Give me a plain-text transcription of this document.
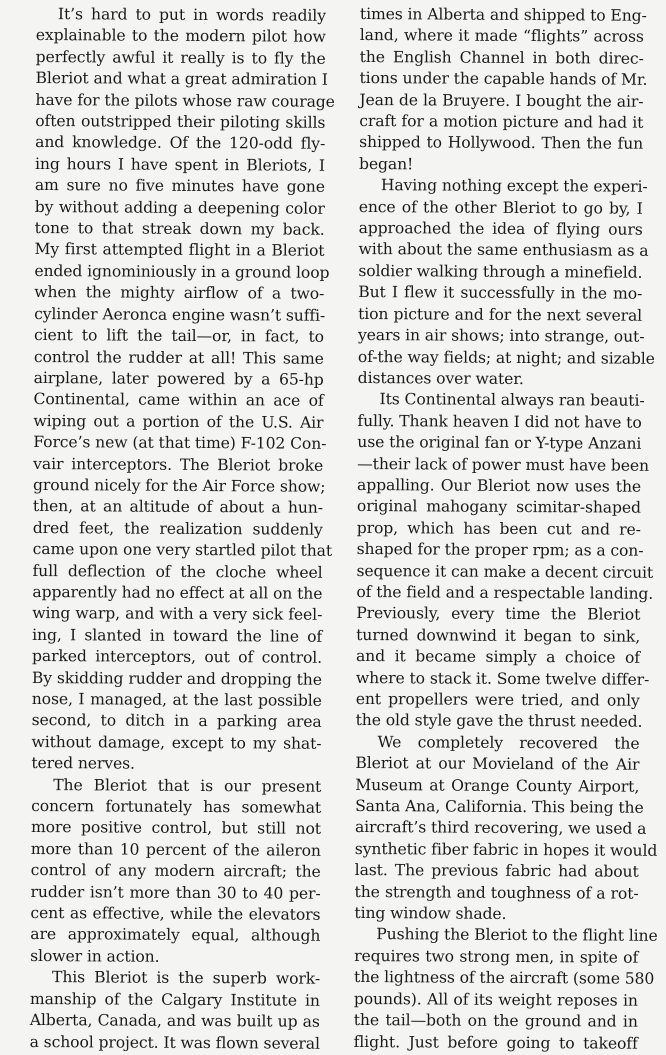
It’s hard to put in words readily
explainable to the modern pilot how
perfectly awful it really is to fly the
Bleriot and what a great admiration I
have for the pilots whose raw courage
often outstripped their piloting skills
and knowledge. Of the 120-odd fly-
ing hours I have spent in Bleriots, I
am sure no five minutes have gone
by without adding a deepening color
tone to that streak down my back.
My first attempted flight in a Bleriot
ended ignominiously in a ground loop
when the mighty airflow of a two-
cylinder Aeronca engine wasn’t suffi-
cient to lift the tail—or, in fact, to
control the rudder at all! This same
airplane, later powered by a 65-hp
Continental, came within an ace of
wiping out a portion of the U.S. Air
Force’s new (at that time) F-102 Con-
vair interceptors. The Bleriot broke
ground nicely for the Air Force show;
then, at an altitude of about a hun-
dred feet, the realization suddenly
came upon one very startled pilot that
full deflection of the cloche wheel
apparently had no effect at all on the
wing warp, and with a very sick feel-
ing, I slanted in toward the line of
parked interceptors, out of control.
By skidding rudder and dropping the
nose, I managed, at the last possible
second, to ditch in a parking area
without damage, except to my shat-
tered nerves.
The Bleriot that is our present
concern fortunately has somewhat
more positive control, but still not
more than 10 percent of the aileron
control of any modern aircraft; the
rudder isn’t more than 30 to 40 per-
cent as effective, while the elevators
are approximately equal, although
slower in action.
This Bleriot is the superb work-
manship of the Calgary Institute in
Alberta, Canada, and was built up as
a school project. It was flown several
times in Alberta and shipped to Eng-
land, where it made “flights” across
the English Channel in both direc-
tions under the capable hands of Mr.
Jean de la Bruyere. I bought the air-
craft for a motion picture and had it
shipped to Hollywood. Then the fun
began!
Having nothing except the experi-
ence of the other Bleriot to go by, I
approached the idea of flying ours
with about the same enthusiasm as a
soldier walking through a minefield.
But I flew it successfully in the mo-
tion picture and for the next several
years in air shows; into strange, out-
of-the way fields; at night; and sizable
distances over water.
Its Continental always ran beauti-
fully. Thank heaven I did not have to
use the original fan or Y-type Anzani
—their lack of power must have been
appalling. Our Bleriot now uses the
original mahogany scimitar-shaped
prop, which has been cut and re-
shaped for the proper rpm; as a con-
sequence it can make a decent circuit
of the field and a respectable landing.
Previously, every time the Bleriot
turned downwind it began to sink,
and it became simply a choice of
where to stack it. Some twelve differ-
ent propellers were tried, and only
the old style gave the thrust needed.
We completely recovered the
Bleriot at our Movieland of the Air
Museum at Orange County Airport,
Santa Ana, California. This being the
aircraft’s third recovering, we used a
synthetic fiber fabric in hopes it would
last. The previous fabric had about
the strength and toughness of a rot-
ting window shade.
Pushing the Bleriot to the flight line
requires two strong men, in spite of
the lightness of the aircraft (some 580
pounds). All of its weight reposes in
the tail—both on the ground and in
flight. Just before going to takeoff
